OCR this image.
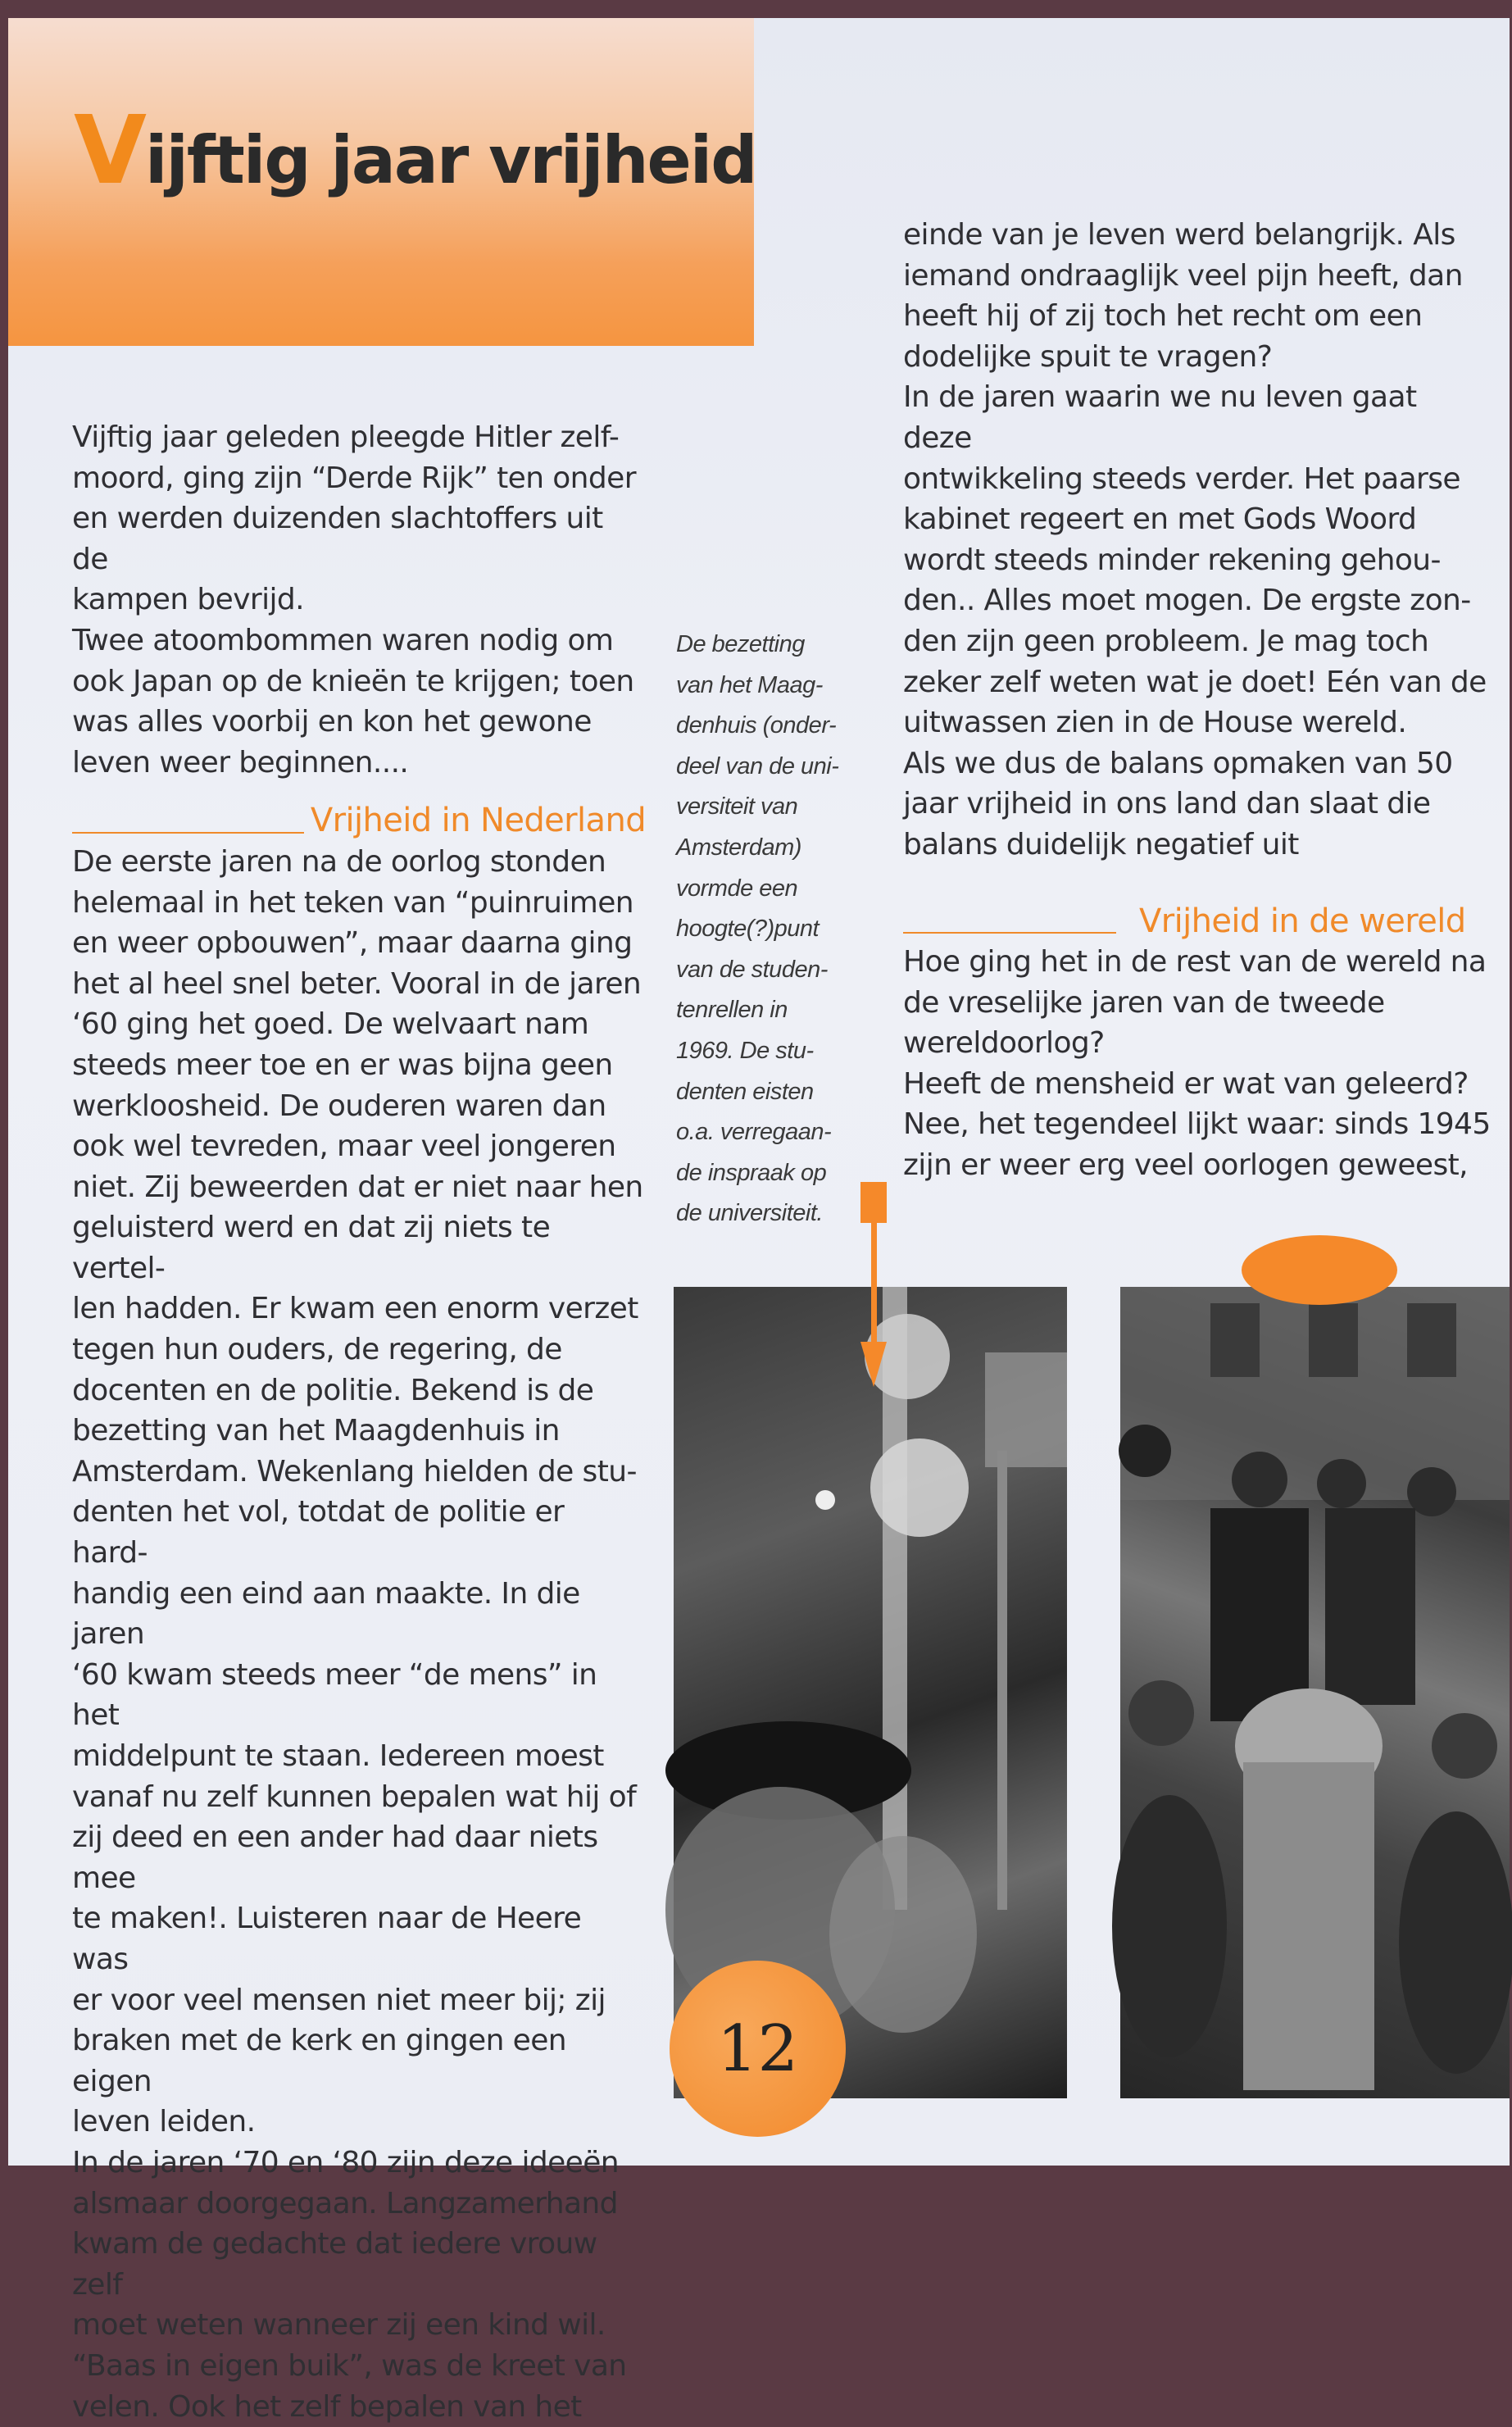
Vijftig jaar vrijheid

Vijftig jaar geleden pleegde Hitler zelf-
moord, ging zijn “Derde Rijk” ten onder
en werden duizenden slachtoffers uit de
kampen bevrijd.
Twee atoombommen waren nodig om
ook Japan op de knieën te krijgen; toen
was alles voorbij en kon het gewone
leven weer beginnen....

Vrijheid in Nederland

De eerste jaren na de oorlog stonden
helemaal in het teken van “puinruimen
en weer opbouwen”, maar daarna ging
het al heel snel beter. Vooral in de jaren
‘60 ging het goed. De welvaart nam
steeds meer toe en er was bijna geen
werkloosheid. De ouderen waren dan
ook wel tevreden, maar veel jongeren
niet. Zij beweerden dat er niet naar hen
geluisterd werd en dat zij niets te vertel-
len hadden. Er kwam een enorm verzet
tegen hun ouders, de regering, de
docenten en de politie. Bekend is de
bezetting van het Maagdenhuis in
Amsterdam. Wekenlang hielden de stu-
denten het vol, totdat de politie er hard-
handig een eind aan maakte. In die jaren
‘60 kwam steeds meer “de mens” in het
middelpunt te staan. Iedereen moest
vanaf nu zelf kunnen bepalen wat hij of
zij deed en een ander had daar niets mee
te maken!. Luisteren naar de Heere was
er voor veel mensen niet meer bij; zij
braken met de kerk en gingen een eigen
leven leiden.
In de jaren ‘70 en ‘80 zijn deze ideeën
alsmaar doorgegaan. Langzamerhand
kwam de gedachte dat iedere vrouw zelf
moet weten wanneer zij een kind wil.
“Baas in eigen buik”, was de kreet van
velen. Ook het zelf bepalen van het

De bezetting
van het Maag-
denhuis (onder-
deel van de uni-
versiteit van
Amsterdam)
vormde een
hoogte(?)punt
van de studen-
tenrellen in
1969. De stu-
denten eisten
o.a. verregaan-
de inspraak op
de universiteit.

einde van je leven werd belangrijk. Als
iemand ondraaglijk veel pijn heeft, dan
heeft hij of zij toch het recht om een
dodelijke spuit te vragen?
In de jaren waarin we nu leven gaat deze
ontwikkeling steeds verder. Het paarse
kabinet regeert en met Gods Woord
wordt steeds minder rekening gehou-
den.. Alles moet mogen. De ergste zon-
den zijn geen probleem. Je mag toch
zeker zelf weten wat je doet! Eén van de
uitwassen zien in de House wereld.
Als we dus de balans opmaken van 50
jaar vrijheid in ons land dan slaat die
balans duidelijk negatief uit

Vrijheid in de wereld

Hoe ging het in de rest van de wereld na
de vreselijke jaren van de tweede
wereldoorlog?
Heeft de mensheid er wat van geleerd?
Nee, het tegendeel lijkt waar: sinds 1945
zijn er weer erg veel oorlogen geweest,

12
